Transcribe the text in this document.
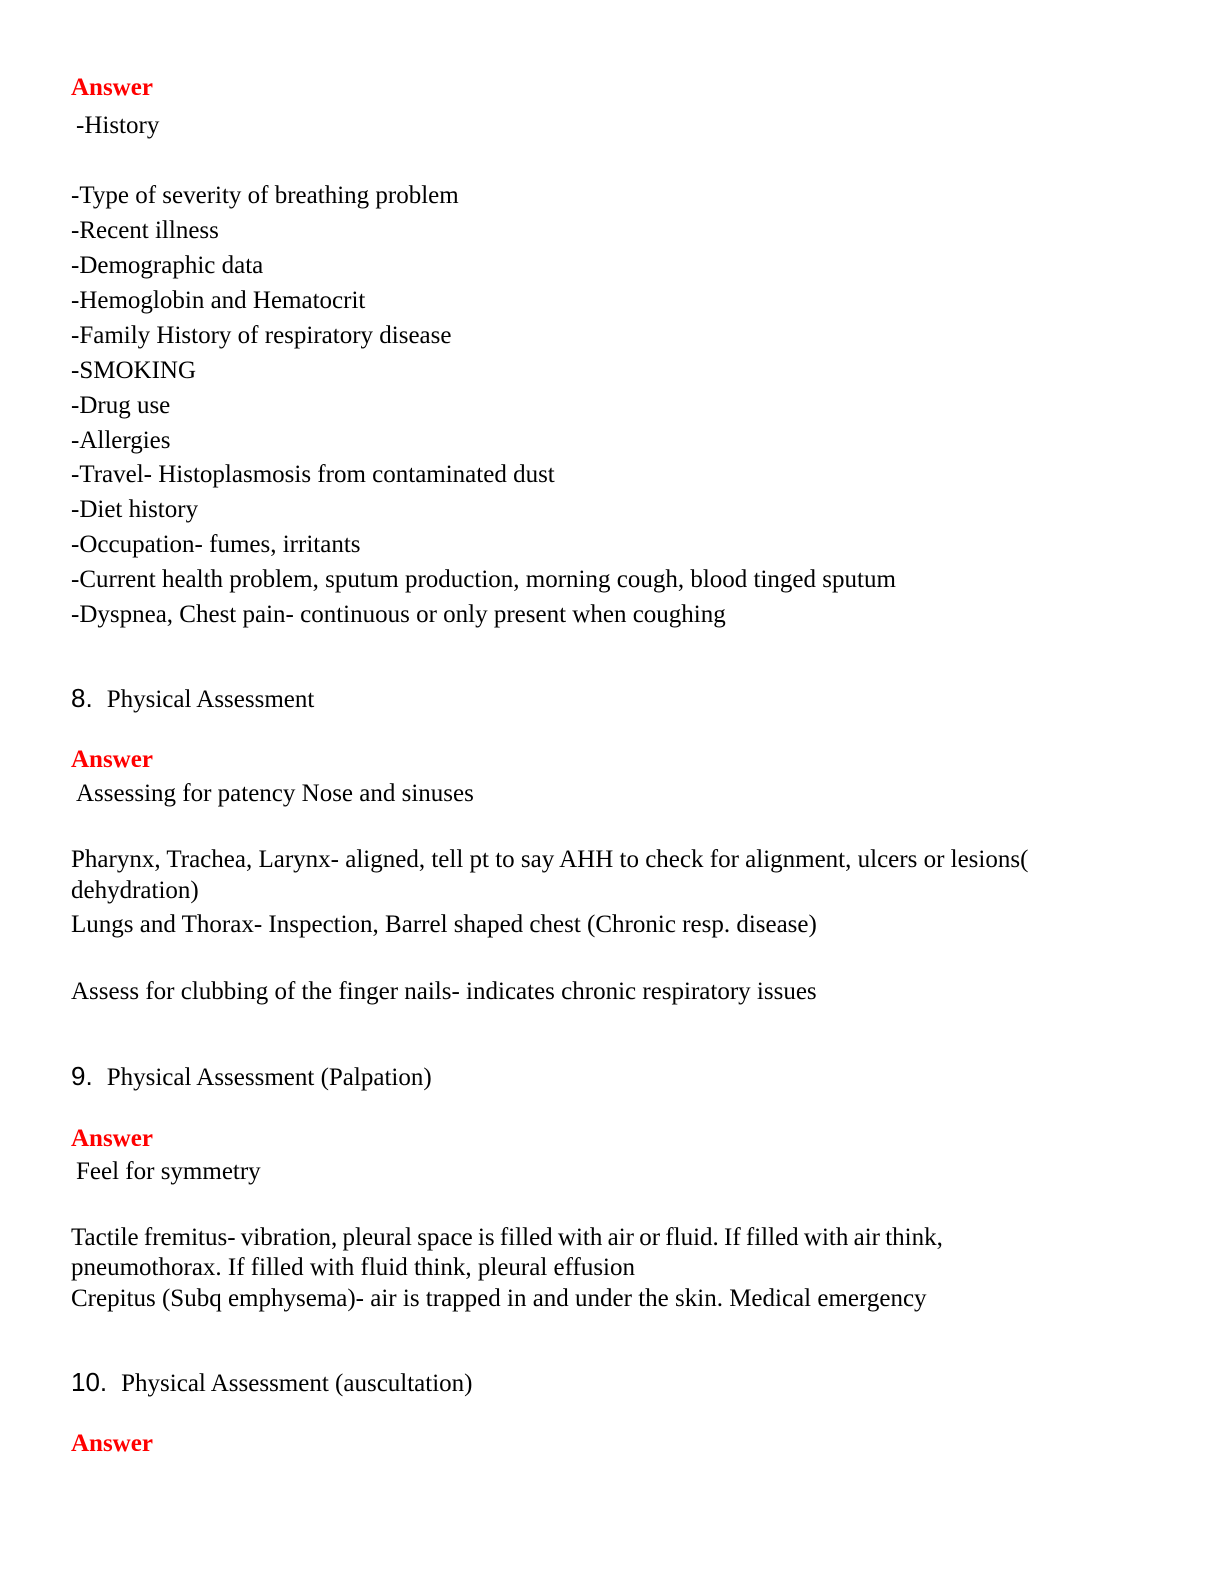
Answer
-History
-Type of severity of breathing problem
-Recent illness
-Demographic data
-Hemoglobin and Hematocrit
-Family History of respiratory disease
-SMOKING
-Drug use
-Allergies
-Travel- Histoplasmosis from contaminated dust
-Diet history
-Occupation- fumes, irritants
-Current health problem, sputum production, morning cough, blood tinged sputum
-Dyspnea, Chest pain- continuous or only present when coughing
8. Physical Assessment
Answer
Assessing for patency Nose and sinuses
Pharynx, Trachea, Larynx- aligned, tell pt to say AHH to check for alignment, ulcers or lesions(
dehydration)
Lungs and Thorax- Inspection, Barrel shaped chest (Chronic resp. disease)
Assess for clubbing of the finger nails- indicates chronic respiratory issues
9. Physical Assessment (Palpation)
Answer
Feel for symmetry
Tactile fremitus- vibration, pleural space is filled with air or fluid. If filled with air think,
pneumothorax. If filled with fluid think, pleural effusion
Crepitus (Subq emphysema)- air is trapped in and under the skin. Medical emergency
10. Physical Assessment (auscultation)
Answer
